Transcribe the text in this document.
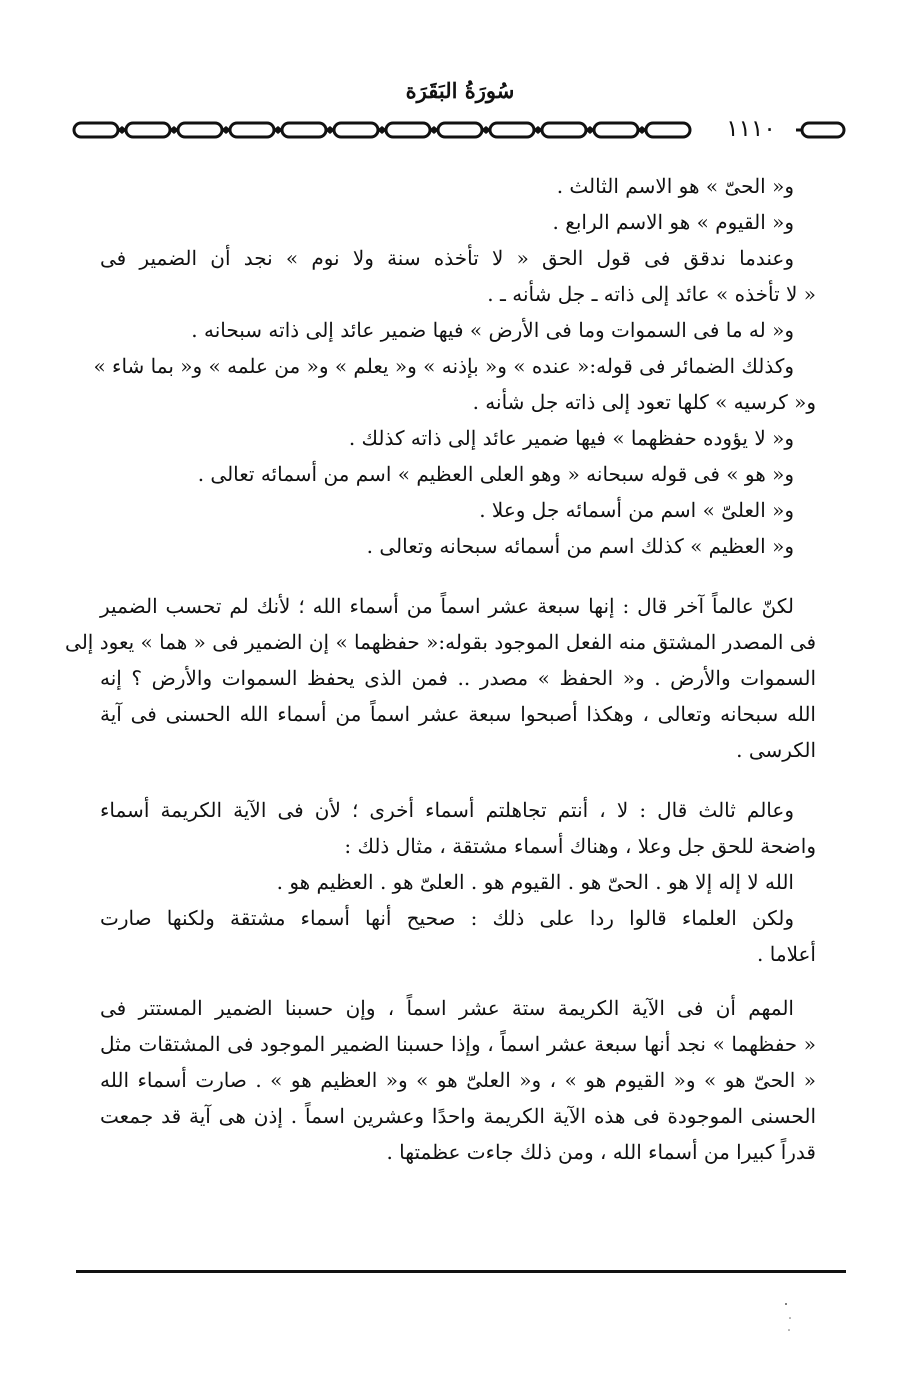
سُورَةُ البَقَرَة
١١١٠
و« الحىّ » هو الاسم الثالث .
و« القيوم » هو الاسم الرابع .
وعندما ندقق فى قول الحق « لا تأخذه سنة ولا نوم » نجد أن الضمير فى
« لا تأخذه » عائد إلى ذاته ـ جل شأنه ـ .
و« له ما فى السموات وما فى الأرض » فيها ضمير عائد إلى ذاته سبحانه .
وكذلك الضمائر فى قوله:« عنده » و« بإذنه » و« يعلم » و« من علمه » و« بما شاء »
و« كرسيه » كلها تعود إلى ذاته جل شأنه .
و« لا يؤوده حفظهما » فيها ضمير عائد إلى ذاته كذلك .
و« هو » فى قوله سبحانه « وهو العلى العظيم » اسم من أسمائه تعالى .
و« العلىّ » اسم من أسمائه جل وعلا .
و« العظيم » كذلك اسم من أسمائه سبحانه وتعالى .
لكنّ عالماً آخر قال : إنها سبعة عشر اسماً من أسماء الله ؛ لأنك لم تحسب الضمير
فى المصدر المشتق منه الفعل الموجود بقوله:« حفظهما » إن الضمير فى « هما » يعود إلى
السموات والأرض . و« الحفظ » مصدر .. فمن الذى يحفظ السموات والأرض ؟ إنه
الله سبحانه وتعالى ، وهكذا أصبحوا سبعة عشر اسماً من أسماء الله الحسنى فى آية
الكرسى .
وعالم ثالث قال : لا ، أنتم تجاهلتم أسماء أخرى ؛ لأن فى الآية الكريمة أسماء
واضحة للحق جل وعلا ، وهناك أسماء مشتقة ، مثال ذلك :
الله لا إله إلا هو . الحىّ هو . القيوم هو . العلىّ هو . العظيم هو .
ولكن العلماء قالوا ردا على ذلك : صحيح أنها أسماء مشتقة ولكنها صارت
أعلاما .
المهم أن فى الآية الكريمة ستة عشر اسماً ، وإن حسبنا الضمير المستتر فى
« حفظهما » نجد أنها سبعة عشر اسماً ، وإذا حسبنا الضمير الموجود فى المشتقات مثل
« الحىّ هو » و« القيوم هو » ، و« العلىّ هو » و« العظيم هو » . صارت أسماء الله
الحسنى الموجودة فى هذه الآية الكريمة واحدًا وعشرين اسماً . إذن هى آية قد جمعت
قدراً كبيرا من أسماء الله ، ومن ذلك جاءت عظمتها .
